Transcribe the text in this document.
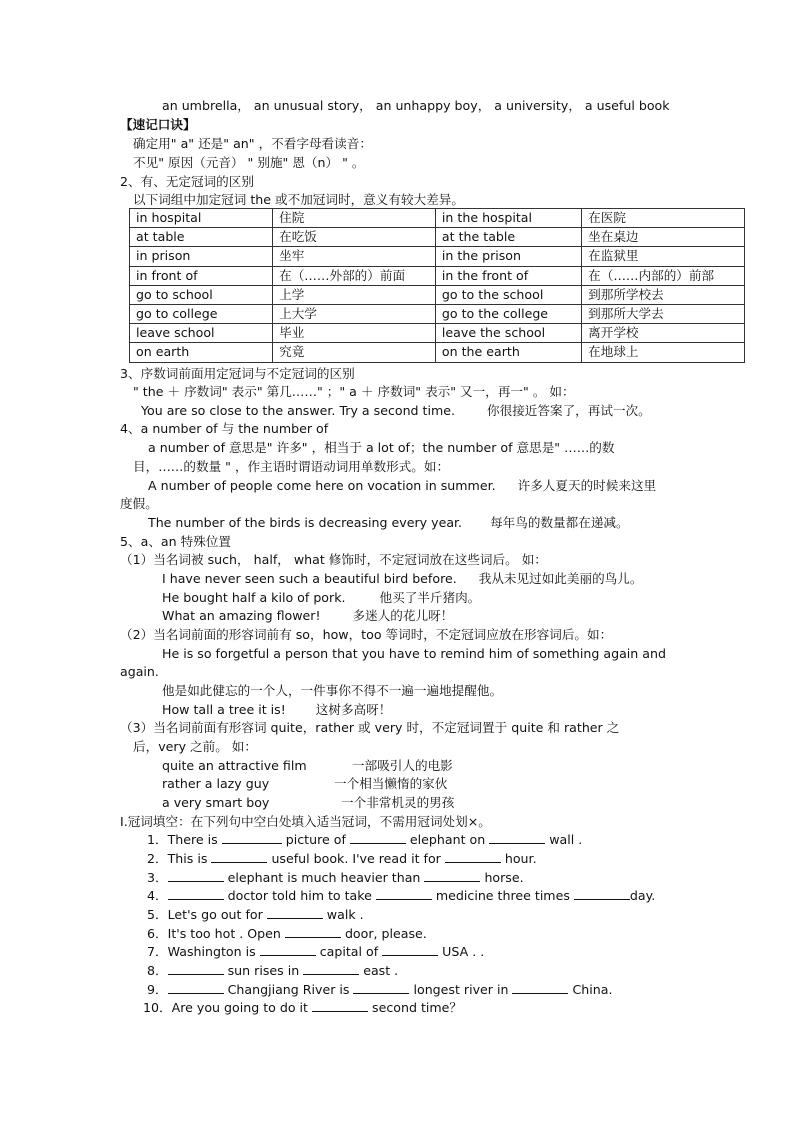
an umbrella， an unusual story， an unhappy boy， a university， a useful book
【速记口诀】
确定用" a" 还是" an" ，不看字母看读音：
不见" 原因（元音） " 别施" 恩（n） " 。
2、有、无定冠词的区别
以下词组中加定冠词 the 或不加冠词时，意义有较大差异。
in hospital	住院	in the hospital	在医院
at table	在吃饭	at the table	坐在桌边
in prison	坐牢	in the prison	在监狱里
in front of	在（……外部的）前面	in the front of	在（……内部的）前部
go to school	上学	go to the school	到那所学校去
go to college	上大学	go to the college	到那所大学去
leave school	毕业	leave the school	离开学校
on earth	究竟	on the earth	在地球上
3、序数词前面用定冠词与不定冠词的区别
" the ＋ 序数词" 表示" 第几……" ；" a ＋ 序数词" 表示" 又一，再一" 。 如：
You are so close to the answer. Try a second time.	你很接近答案了，再试一次。
4、a number of 与 the number of
a number of 意思是" 许多" ，相当于 a lot of；the number of 意思是" ……的数
目，……的数量 " ，作主语时谓语动词用单数形式。如：
A number of people come here on vocation in summer. 许多人夏天的时候来这里
度假。
The number of the birds is decreasing every year. 每年鸟的数量都在递减。
5、a、an 特殊位置
（1）当名词被 such， half， what 修饰时，不定冠词放在这些词后。 如：
I have never seen such a beautiful bird before. 我从未见过如此美丽的鸟儿。
He bought half a kilo of pork.	他买了半斤猪肉。
What an amazing flower!	多迷人的花儿呀！
（2）当名词前面的形容词前有 so，how，too 等词时，不定冠词应放在形容词后。如：
He is so forgetful a person that you have to remind him of something again and
again.
他是如此健忘的一个人，一件事你不得不一遍一遍地提醒他。
How tall a tree it is! 这树多高呀！
（3）当名词前面有形容词 quite，rather 或 very 时，不定冠词置于 quite 和 rather 之
后，very 之前。 如：
quite an attractive film	一部吸引人的电影
rather a lazy guy	一个相当懒惰的家伙
a very smart boy	一个非常机灵的男孩
Ⅰ.冠词填空：在下列句中空白处填入适当冠词，不需用冠词处划×。
1．There is	picture of	elephant on	wall .
2．This is	useful book. I've read it for	hour.
3．	elephant is much heavier than	horse.
4．	doctor told him to take	medicine three times	day.
5．Let's go out for	walk .
6．It's too hot . Open	door, please.
7．Washington is	capital of	USA . .
8．	sun rises in	east .
9．	Changjiang River is	longest river in	China.
10．Are you going to do it	second time？
